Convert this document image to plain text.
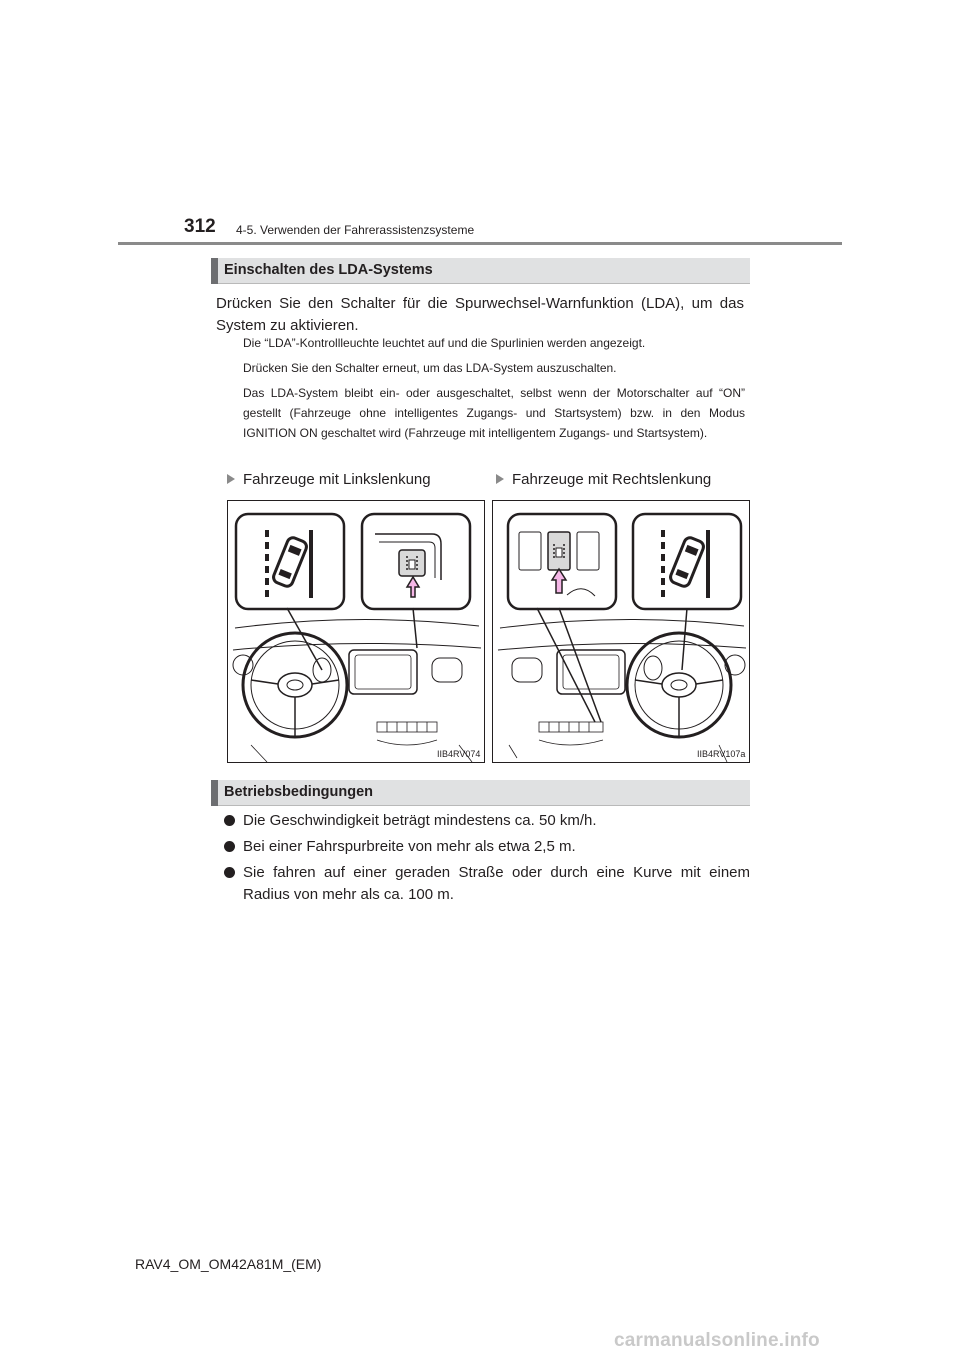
312 4-5. Verwenden der Fahrerassistenzsysteme
Einschalten des LDA-Systems
Drücken Sie den Schalter für die Spurwechsel-Warnfunktion (LDA), um das System zu aktivieren.
Die “LDA”-Kontrollleuchte leuchtet auf und die Spurlinien werden angezeigt.
Drücken Sie den Schalter erneut, um das LDA-System auszuschalten.
Das LDA-System bleibt ein- oder ausgeschaltet, selbst wenn der Motorschalter auf “ON” gestellt (Fahrzeuge ohne intelligentes Zugangs- und Startsystem) bzw. in den Modus IGNITION ON geschaltet wird (Fahrzeuge mit intelligentem Zugangs- und Startsystem).
Fahrzeuge mit Linkslenkung	Fahrzeuge mit Rechtslenkung
IIB4RV074	IIB4RV107a
Betriebsbedingungen
Die Geschwindigkeit beträgt mindestens ca. 50 km/h.
Bei einer Fahrspurbreite von mehr als etwa 2,5 m.
Sie fahren auf einer geraden Straße oder durch eine Kurve mit einem Radius von mehr als ca. 100 m.
RAV4_OM_OM42A81M_(EM)
carmanualsonline.info
